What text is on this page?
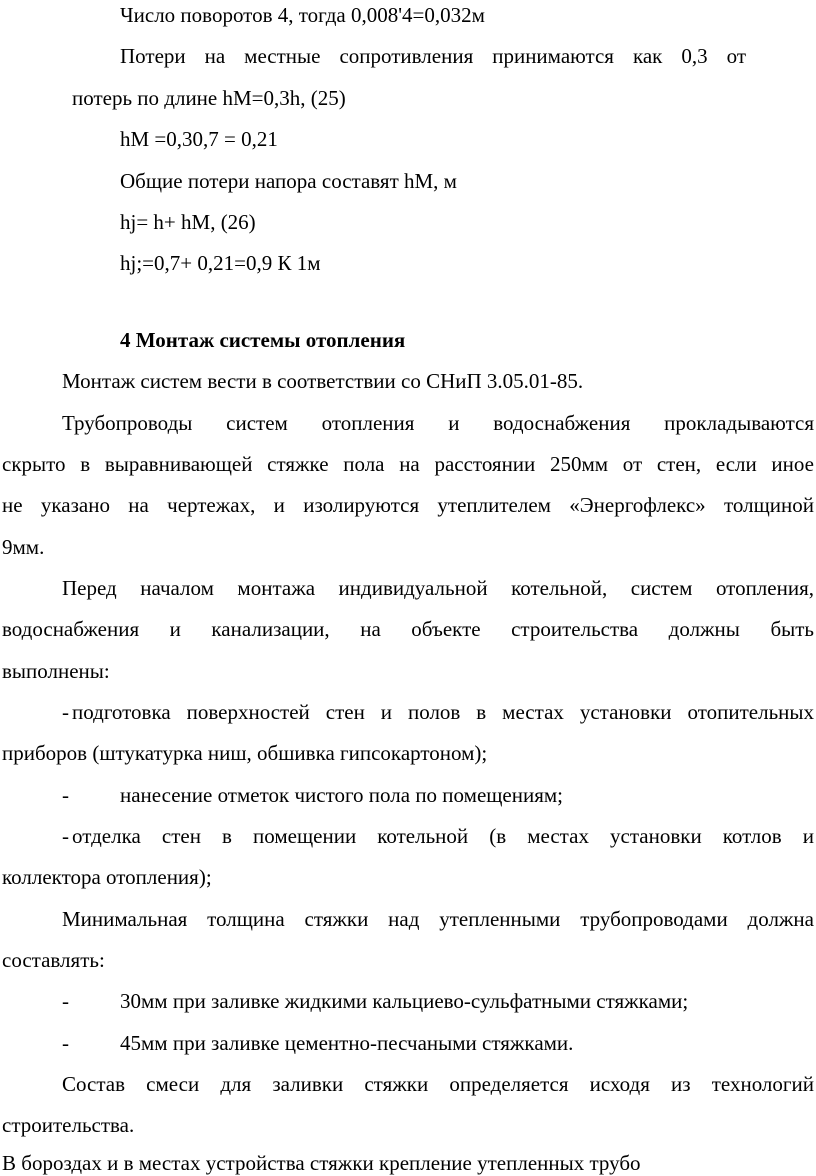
Число поворотов 4, тогда 0,008'4=0,032м
Потери на местные сопротивления принимаются как 0,3 от
потерь по длине hМ=0,3h, (25)
hМ =0,30,7 = 0,21
Общие потери напора составят hМ, м
hj= h+ hМ, (26)
hj;=0,7+ 0,21=0,9 К 1м
4 Монтаж системы отопления
Монтаж систем вести в соответствии со СНиП 3.05.01-85.
Трубопроводы систем отопления и водоснабжения прокладываются
скрыто в выравнивающей стяжке пола на расстоянии 250мм от стен, если иное
не указано на чертежах, и изолируются утеплителем «Энергофлекс» толщиной
9мм.
Перед началом монтажа индивидуальной котельной, систем отопления,
водоснабжения и канализации, на объекте строительства должны быть
выполнены:
- подготовка поверхностей стен и полов в местах установки отопительных
приборов (штукатурка ниш, обшивка гипсокартоном);
- нанесение отметок чистого пола по помещениям;
- отделка стен в помещении котельной (в местах установки котлов и
коллектора отопления);
Минимальная толщина стяжки над утепленными трубопроводами должна
составлять:
- 30мм при заливке жидкими кальциево-сульфатными стяжками;
- 45мм при заливке цементно-песчаными стяжками.
Состав смеси для заливки стяжки определяется исходя из технологий
строительства.
В бороздах и в местах устройства стяжки крепление утепленных трубо
